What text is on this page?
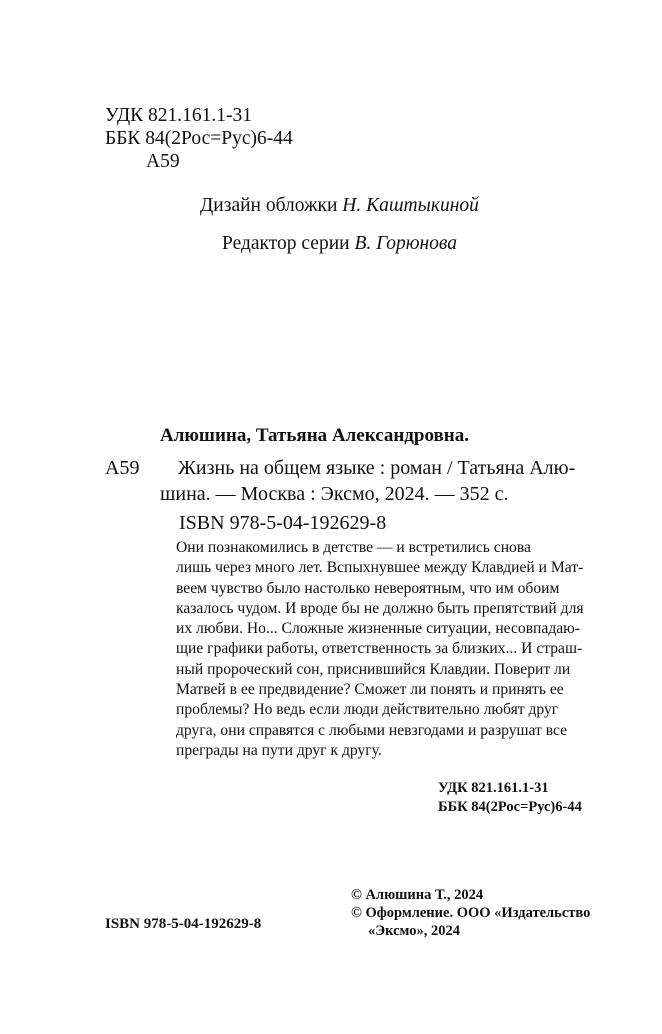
УДК 821.161.1-31
ББК 84(2Рос=Рус)6-44
А59
Дизайн обложки Н. Каштыкиной
Редактор серии В. Горюнова
Алюшина, Татьяна Александровна.
А59 Жизнь на общем языке : роман / Татьяна Алю-
шина. — Москва : Эксмо, 2024. — 352 с.
ISBN 978-5-04-192629-8
Они познакомились в детстве — и встретились снова
лишь через много лет. Вспыхнувшее между Клавдией и Мат-
веем чувство было настолько невероятным, что им обоим
казалось чудом. И вроде бы не должно быть препятствий для
их любви. Но... Сложные жизненные ситуации, несовпадаю-
щие графики работы, ответственность за близких... И страш-
ный пророческий сон, приснившийся Клавдии. Поверит ли
Матвей в ее предвидение? Сможет ли понять и принять ее
проблемы? Но ведь если люди действительно любят друг
друга, они справятся с любыми невзгодами и разрушат все
преграды на пути друг к другу.
УДК 821.161.1-31
ББК 84(2Рос=Рус)6-44
ISBN 978-5-04-192629-8
© Алюшина Т., 2024
© Оформление. ООО «Издательство
«Эксмо», 2024
